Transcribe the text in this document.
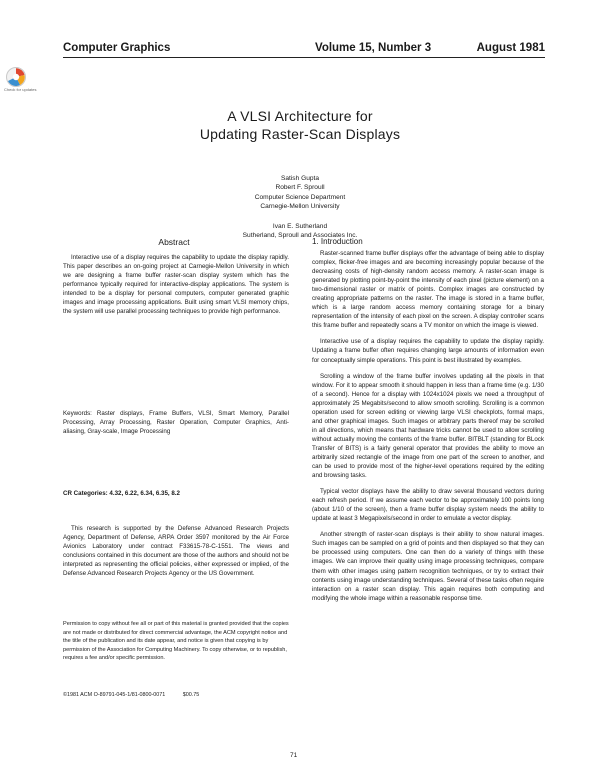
Computer Graphics	Volume 15, Number 3	August 1981
Check for updates
A VLSI Architecture for
Updating Raster-Scan Displays
Satish Gupta
Robert F. Sproull
Computer Science Department
Carnegie-Mellon University
Ivan E. Sutherland
Sutherland, Sproull and Associates Inc.
Abstract

Interactive use of a display requires the capability to update the display rapidly. This paper describes an on-going project at Carnegie-Mellon University in which we are designing a frame buffer raster-scan display system which has the performance typically required for interactive-display applications. The system is intended to be a display for personal computers, computer generated graphic images and image processing applications. Built using smart VLSI memory chips, the system will use parallel processing techniques to provide high performance.

Keywords: Raster displays, Frame Buffers, VLSI, Smart Memory, Parallel Processing, Array Processing, Raster Operation, Computer Graphics, Anti-aliasing, Gray-scale, Image Processing

CR Categories: 4.32, 6.22, 6.34, 6.35, 8.2

This research is supported by the Defense Advanced Research Projects Agency, Department of Defense, ARPA Order 3597 monitored by the Air Force Avionics Laboratory under contract F33615-78-C-1551. The views and conclusions contained in this document are those of the authors and should not be interpreted as representing the official policies, either expressed or implied, of the Defense Advanced Research Projects Agency or the US Government.

Permission to copy without fee all or part of this material is granted provided that the copies are not made or distributed for direct commercial advantage, the ACM copyright notice and the title of the publication and its date appear, and notice is given that copying is by permission of the Association for Computing Machinery. To copy otherwise, or to republish, requires a fee and/or specific permission.
©1981 ACM O-89791-045-1/81-0800-0071	$00.75
1. Introduction

Raster-scanned frame buffer displays offer the advantage of being able to display complex, flicker-free images and are becoming increasingly popular because of the decreasing costs of high-density random access memory. A raster-scan image is generated by plotting point-by-point the intensity of each pixel (picture element) on a two-dimensional raster or matrix of points. Complex images are constructed by creating appropriate patterns on the raster. The image is stored in a frame buffer, which is a large random access memory containing storage for a binary representation of the intensity of each pixel on the screen. A display controller scans this frame buffer and repeatedly scans a TV monitor on which the image is viewed.

Interactive use of a display requires the capability to update the display rapidly. Updating a frame buffer often requires changing large amounts of information even for conceptually simple operations. This point is best illustrated by examples.

Scrolling a window of the frame buffer involves updating all the pixels in that window. For it to appear smooth it should happen in less than a frame time (e.g. 1/30 of a second). Hence for a display with 1024x1024 pixels we need a throughput of approximately 25 Megabits/second to allow smooth scrolling. Scrolling is a common operation used for screen editing or viewing large VLSI checkplots, formal maps, and other graphical images. Such images or arbitrary parts thereof may be scrolled in all directions, which means that hardware tricks cannot be used to allow scrolling without actually moving the contents of the frame buffer. BITBLT (standing for BLock Transfer of BITS) is a fairly general operator that provides the ability to move an arbitrarily sized rectangle of the image from one part of the screen to another, and can be used to provide most of the higher-level operations required by the editing and browsing tasks.

Typical vector displays have the ability to draw several thousand vectors during each refresh period. If we assume each vector to be approximately 100 points long (about 1/10 of the screen), then a frame buffer display system needs the ability to update at least 3 Megapixels/second in order to emulate a vector display.

Another strength of raster-scan displays is their ability to show natural images. Such images can be sampled on a grid of points and then displayed so that they can be processed using computers. One can then do a variety of things with these images. We can improve their quality using image processing techniques, compare them with other images using pattern recognition techniques, or try to extract their contents using image understanding techniques. Several of these tasks often require interaction on a raster scan display. This again requires both computing and modifying the whole image within a reasonable response time.

71
